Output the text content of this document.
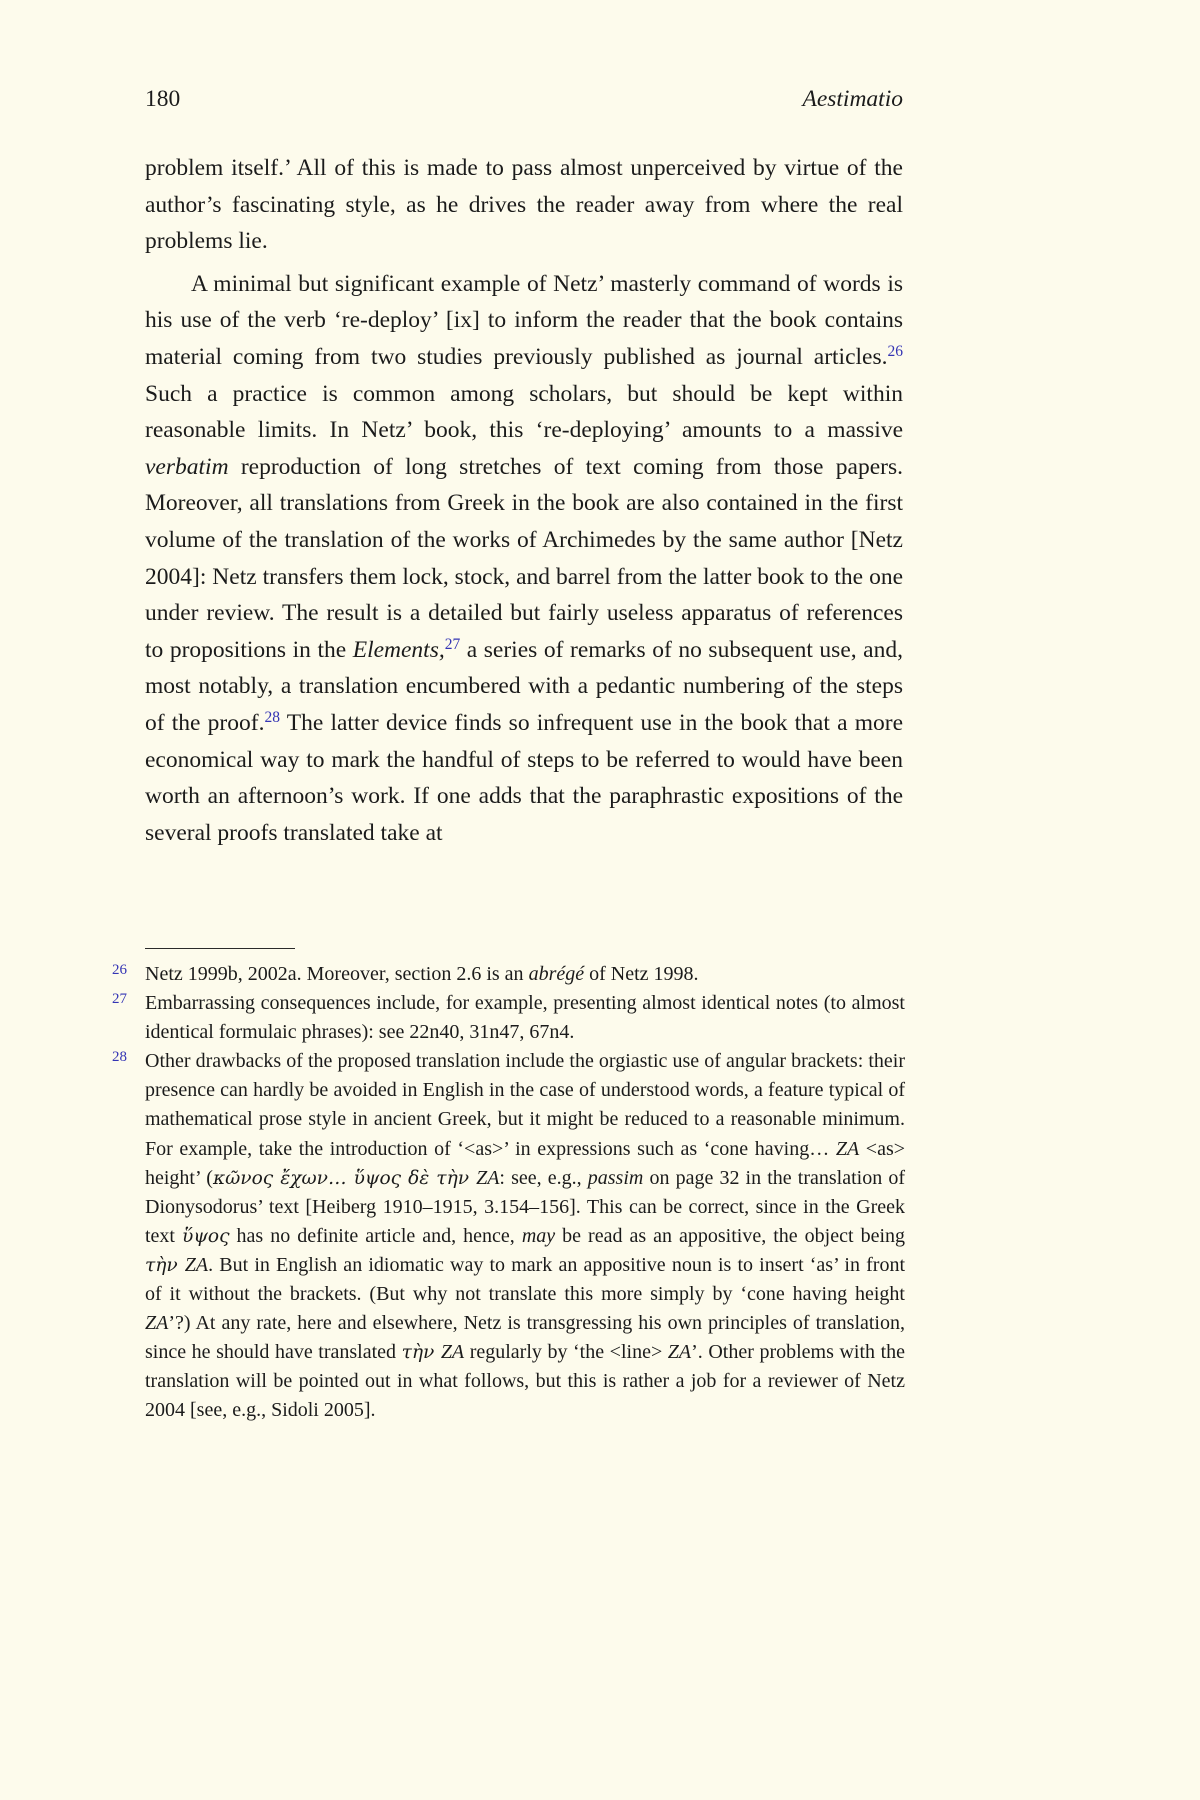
180	Aestimatio

problem itself.’ All of this is made to pass almost unperceived by virtue of the author’s fascinating style, as he drives the reader away from where the real problems lie.

A minimal but significant example of Netz’ masterly command of words is his use of the verb ‘re-deploy’ [ix] to inform the reader that the book contains material coming from two studies previously published as journal articles.$^{26}$ Such a practice is common among scholars, but should be kept within reasonable limits. In Netz’ book, this ‘re-deploying’ amounts to a massive verbatim reproduction of long stretches of text coming from those papers. Moreover, all translations from Greek in the book are also contained in the first volume of the translation of the works of Archimedes by the same author [Netz 2004]: Netz transfers them lock, stock, and barrel from the latter book to the one under review. The result is a detailed but fairly useless apparatus of references to propositions in the Elements,$^{27}$ a series of remarks of no subsequent use, and, most notably, a translation encumbered with a pedantic numbering of the steps of the proof.$^{28}$ The latter device finds so infrequent use in the book that a more economical way to mark the handful of steps to be referred to would have been worth an afternoon’s work. If one adds that the paraphrastic expositions of the several proofs translated take at

26 Netz 1999b, 2002a. Moreover, section 2.6 is an abrégé of Netz 1998.
27 Embarrassing consequences include, for example, presenting almost identical notes (to almost identical formulaic phrases): see 22n40, 31n47, 67n4.
28 Other drawbacks of the proposed translation include the orgiastic use of angular brackets: their presence can hardly be avoided in English in the case of understood words, a feature typical of mathematical prose style in ancient Greek, but it might be reduced to a reasonable minimum. For example, take the introduction of ‘<as>’ in expressions such as ‘cone having… ZA <as> height’ (κῶνος ἔχων… ὕψος δὲ τὴν ZA: see, e.g., passim on page 32 in the translation of Dionysodorus’ text [Heiberg 1910–1915, 3.154–156]. This can be correct, since in the Greek text ὕψος has no definite article and, hence, may be read as an appositive, the object being τὴν ZA. But in English an idiomatic way to mark an appositive noun is to insert ‘as’ in front of it without the brackets. (But why not translate this more simply by ‘cone having height ZA’?) At any rate, here and elsewhere, Netz is transgressing his own principles of translation, since he should have translated τὴν ZA regularly by ‘the <line> ZA’. Other problems with the translation will be pointed out in what follows, but this is rather a job for a reviewer of Netz 2004 [see, e.g., Sidoli 2005].
